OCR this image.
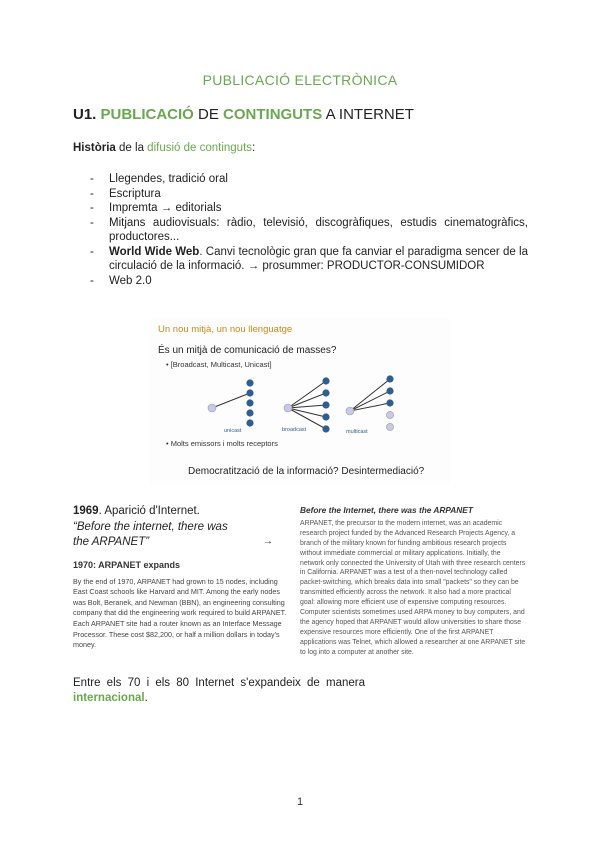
PUBLICACIÓ ELECTRÒNICA
U1. PUBLICACIÓ DE CONTINGUTS A INTERNET
Història de la difusió de continguts:
- Llegendes, tradició oral
- Escriptura
- Impremta → editorials
- Mitjans audiovisuals: ràdio, televisió, discogràfiques, estudis cinematogràfics, productores...
- World Wide Web. Canvi tecnològic gran que fa canviar el paradigma sencer de la circulació de la informació. → prosummer: PRODUCTOR-CONSUMIDOR
- Web 2.0
Un nou mitjà, un nou llenguatge
És un mitjà de comunicació de masses?
• [Broadcast, Multicast, Unicast]
unicast	broadcast	multicast
• Molts emissors i molts receptors
Democratització de la informació? Desintermediació?
1969. Aparició d'Internet.
“Before the internet, there was
the ARPANET”	→
1970: ARPANET expands
By the end of 1970, ARPANET had grown to 15 nodes, including East Coast schools like Harvard and MIT. Among the early nodes was Bolt, Beranek, and Newman (BBN), an engineering consulting company that did the engineering work required to build ARPANET. Each ARPANET site had a router known as an Interface Message Processor. These cost $82,200, or half a million dollars in today's money.
Entre els 70 i els 80 Internet s'expandeix de manera internacional.
Before the Internet, there was the ARPANET
ARPANET, the precursor to the modern internet, was an academic research project funded by the Advanced Research Projects Agency, a branch of the military known for funding ambitious research projects without immediate commercial or military applications. Initially, the network only connected the University of Utah with three research centers in California. ARPANET was a test of a then-novel technology called packet-switching, which breaks data into small "packets" so they can be transmitted efficiently across the network. It also had a more practical goal: allowing more efficient use of expensive computing resources. Computer scientists sometimes used ARPA money to buy computers, and the agency hoped that ARPANET would allow universities to share those expensive resources more efficiently. One of the first ARPANET applications was Telnet, which allowed a researcher at one ARPANET site to log into a computer at another site.
1
